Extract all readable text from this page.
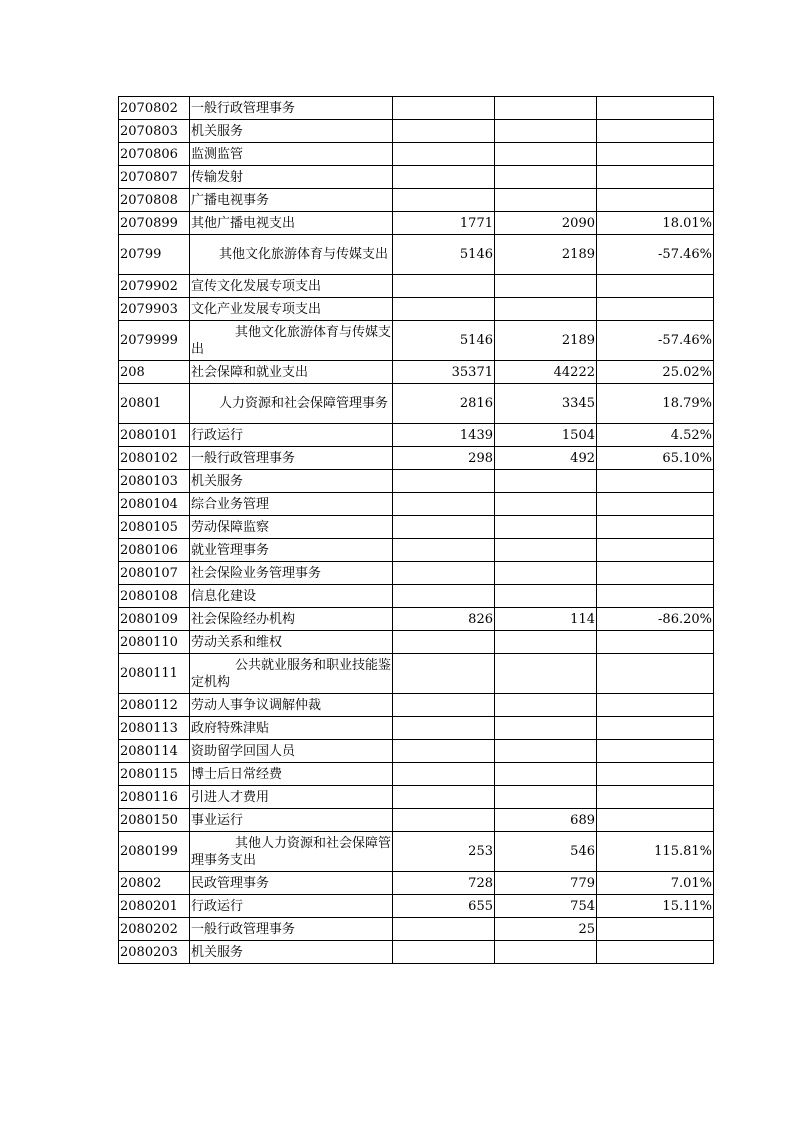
2070802	一般行政管理事务			
2070803	机关服务			
2070806	监测监管			
2070807	传输发射			
2070808	广播电视事务			
2070899	其他广播电视支出	1771	2090	18.01%
20799	其他文化旅游体育与传媒支出	5146	2189	-57.46%
2079902	宣传文化发展专项支出			
2079903	文化产业发展专项支出			
2079999	其他文化旅游体育与传媒支出	5146	2189	-57.46%
208	社会保障和就业支出	35371	44222	25.02%
20801	人力资源和社会保障管理事务	2816	3345	18.79%
2080101	行政运行	1439	1504	4.52%
2080102	一般行政管理事务	298	492	65.10%
2080103	机关服务			
2080104	综合业务管理			
2080105	劳动保障监察			
2080106	就业管理事务			
2080107	社会保险业务管理事务			
2080108	信息化建设			
2080109	社会保险经办机构	826	114	-86.20%
2080110	劳动关系和维权			
2080111	公共就业服务和职业技能鉴定机构			
2080112	劳动人事争议调解仲裁			
2080113	政府特殊津贴			
2080114	资助留学回国人员			
2080115	博士后日常经费			
2080116	引进人才费用			
2080150	事业运行		689	
2080199	其他人力资源和社会保障管理事务支出	253	546	115.81%
20802	民政管理事务	728	779	7.01%
2080201	行政运行	655	754	15.11%
2080202	一般行政管理事务		25	
2080203	机关服务			
